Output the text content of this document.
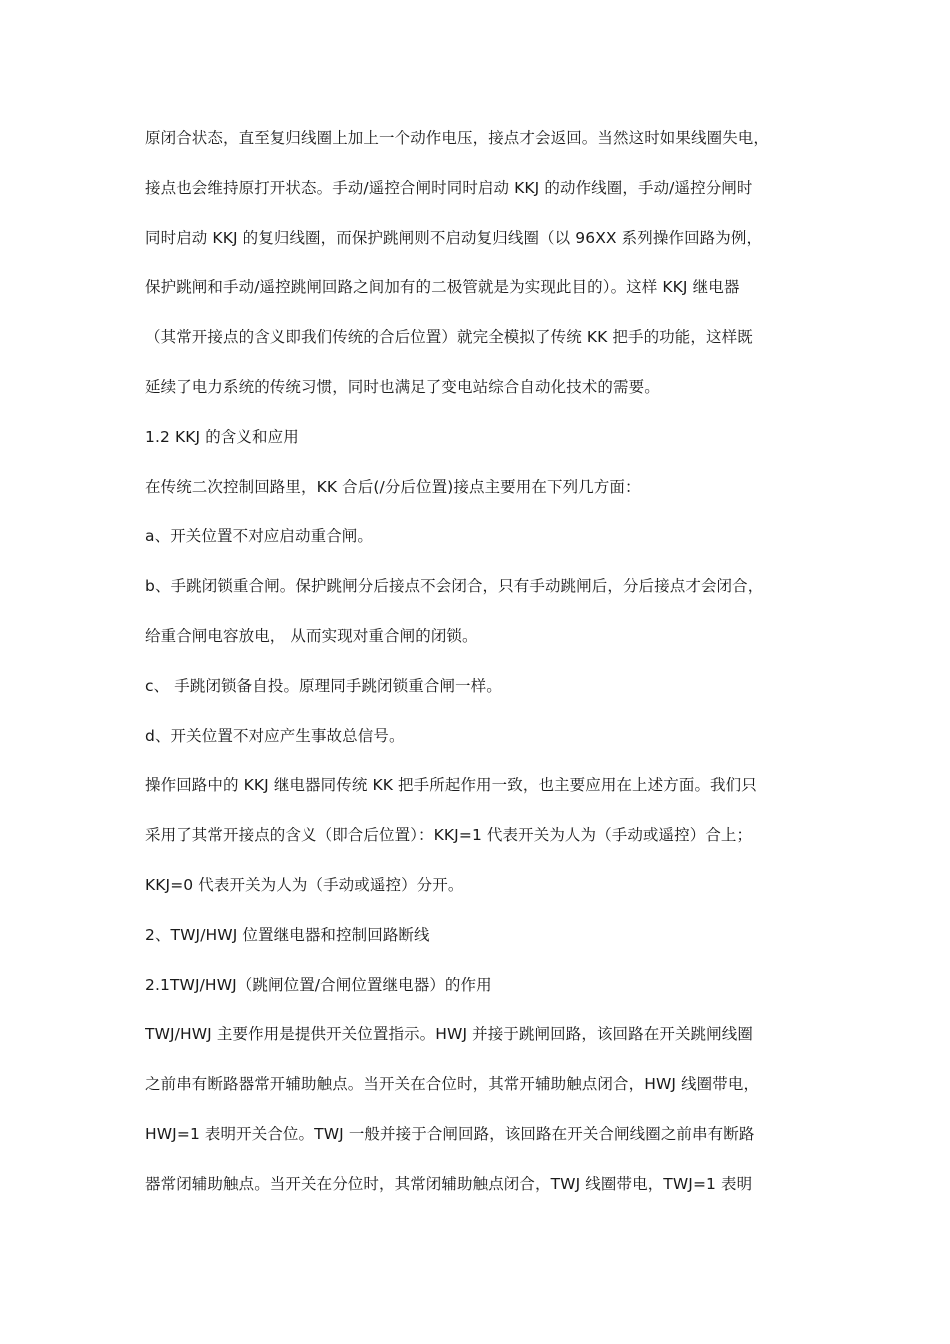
原闭合状态，直至复归线圈上加上一个动作电压，接点才会返回。当然这时如果线圈失电，
接点也会维持原打开状态。手动/遥控合闸时同时启动 KKJ 的动作线圈，手动/遥控分闸时
同时启动 KKJ 的复归线圈，而保护跳闸则不启动复归线圈（以 96XX 系列操作回路为例，
保护跳闸和手动/遥控跳闸回路之间加有的二极管就是为实现此目的）。这样 KKJ 继电器
（其常开接点的含义即我们传统的合后位置）就完全模拟了传统 KK 把手的功能，这样既
延续了电力系统的传统习惯，同时也满足了变电站综合自动化技术的需要。
1.2 KKJ 的含义和应用
在传统二次控制回路里，KK 合后(/分后位置)接点主要用在下列几方面：
a、开关位置不对应启动重合闸。
b、手跳闭锁重合闸。保护跳闸分后接点不会闭合，只有手动跳闸后，分后接点才会闭合，
给重合闸电容放电， 从而实现对重合闸的闭锁。
c、 手跳闭锁备自投。原理同手跳闭锁重合闸一样。
d、开关位置不对应产生事故总信号。
操作回路中的 KKJ 继电器同传统 KK 把手所起作用一致，也主要应用在上述方面。我们只
采用了其常开接点的含义（即合后位置）：KKJ=1 代表开关为人为（手动或遥控）合上；
KKJ=0 代表开关为人为（手动或遥控）分开。
2、TWJ/HWJ 位置继电器和控制回路断线
2.1TWJ/HWJ（跳闸位置/合闸位置继电器）的作用
TWJ/HWJ 主要作用是提供开关位置指示。HWJ 并接于跳闸回路，该回路在开关跳闸线圈
之前串有断路器常开辅助触点。当开关在合位时，其常开辅助触点闭合，HWJ 线圈带电，
HWJ=1 表明开关合位。TWJ 一般并接于合闸回路，该回路在开关合闸线圈之前串有断路
器常闭辅助触点。当开关在分位时，其常闭辅助触点闭合，TWJ 线圈带电，TWJ=1 表明
